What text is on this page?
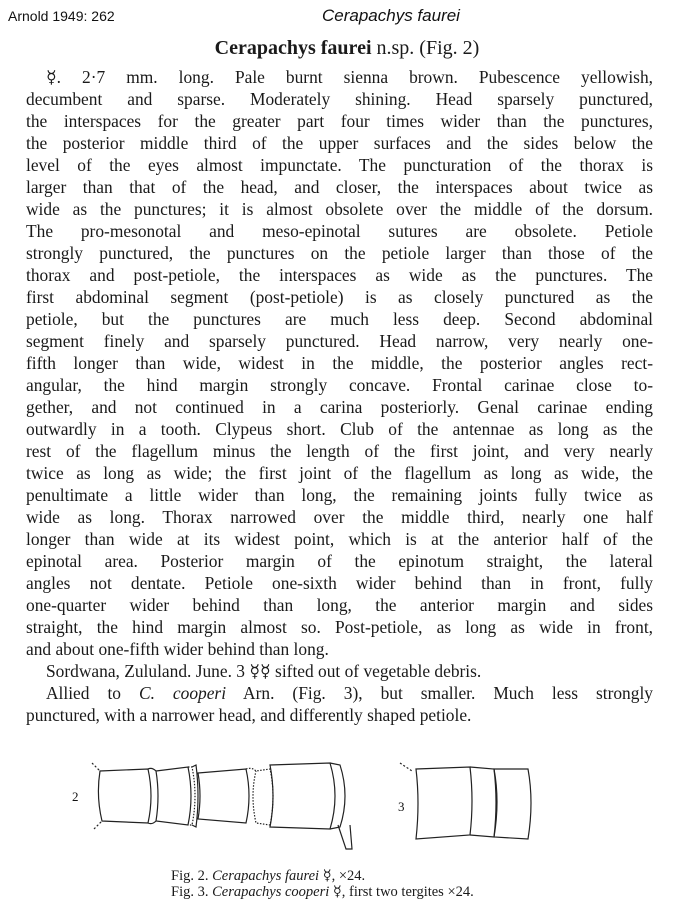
Arnold 1949: 262	Cerapachys faurei
Cerapachys faurei n.sp. (Fig. 2)
☿. 2·7 mm. long. Pale burnt sienna brown. Pubescence yellowish,
decumbent and sparse. Moderately shining. Head sparsely punctured,
the interspaces for the greater part four times wider than the punctures,
the posterior middle third of the upper surfaces and the sides below the
level of the eyes almost impunctate. The puncturation of the thorax is
larger than that of the head, and closer, the interspaces about twice as
wide as the punctures; it is almost obsolete over the middle of the dorsum.
The pro-mesonotal and meso-epinotal sutures are obsolete. Petiole
strongly punctured, the punctures on the petiole larger than those of the
thorax and post-petiole, the interspaces as wide as the punctures. The
first abdominal segment (post-petiole) is as closely punctured as the
petiole, but the punctures are much less deep. Second abdominal
segment finely and sparsely punctured. Head narrow, very nearly one-
fifth longer than wide, widest in the middle, the posterior angles rect-
angular, the hind margin strongly concave. Frontal carinae close to-
gether, and not continued in a carina posteriorly. Genal carinae ending
outwardly in a tooth. Clypeus short. Club of the antennae as long as the
rest of the flagellum minus the length of the first joint, and very nearly
twice as long as wide; the first joint of the flagellum as long as wide, the
penultimate a little wider than long, the remaining joints fully twice as
wide as long. Thorax narrowed over the middle third, nearly one half
longer than wide at its widest point, which is at the anterior half of the
epinotal area. Posterior margin of the epinotum straight, the lateral
angles not dentate. Petiole one-sixth wider behind than in front, fully
one-quarter wider behind than long, the anterior margin and sides
straight, the hind margin almost so. Post-petiole, as long as wide in front,
and about one-fifth wider behind than long.
Sordwana, Zululand. June. 3 ☿☿ sifted out of vegetable debris.
Allied to C. cooperi Arn. (Fig. 3), but smaller. Much less strongly
punctured, with a narrower head, and differently shaped petiole.
2
3
Fig. 2. Cerapachys faurei ☿, ×24.
Fig. 3. Cerapachys cooperi ☿, first two tergites ×24.
